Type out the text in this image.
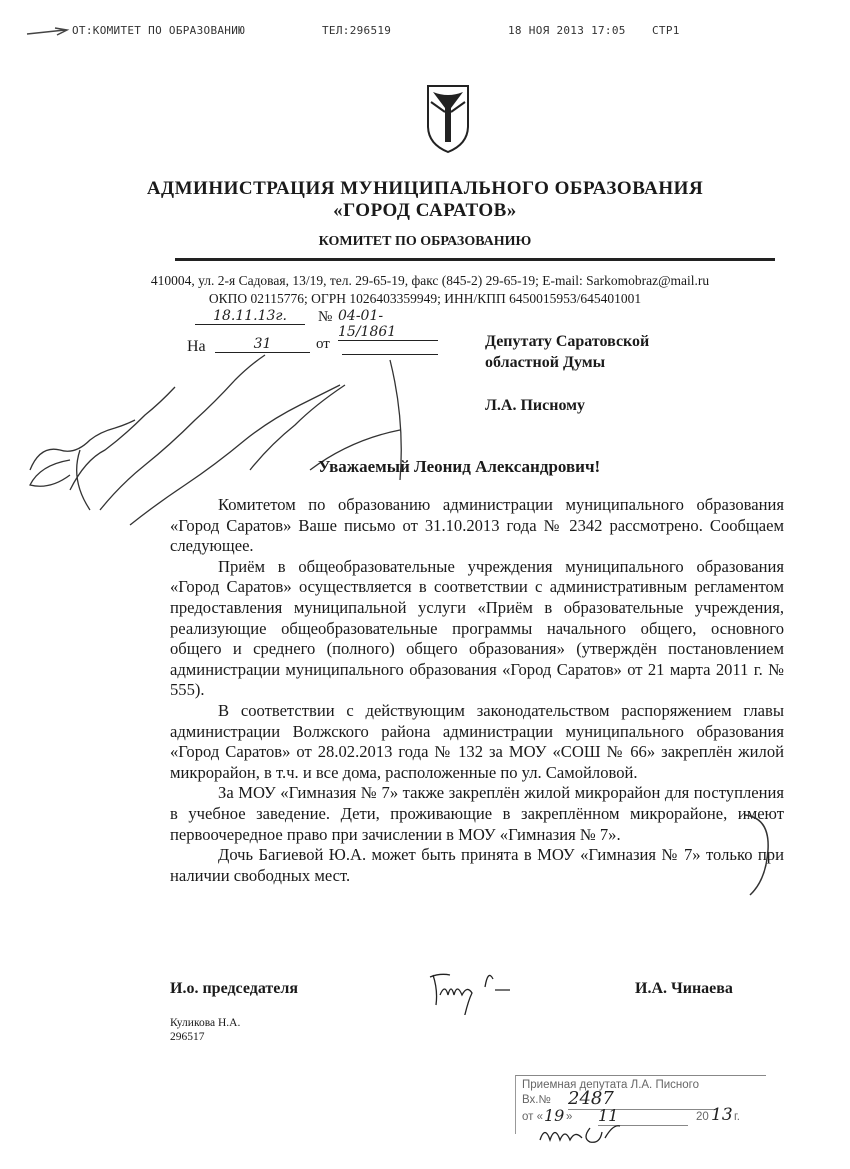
ОТ:КОМИТЕТ ПО ОБРАЗОВАНИЮ	ТЕЛ:296519	18 НОЯ 2013 17:05 СТР1
АДМИНИСТРАЦИЯ МУНИЦИПАЛЬНОГО ОБРАЗОВАНИЯ
«ГОРОД САРАТОВ»
КОМИТЕТ ПО ОБРАЗОВАНИЮ
410004, ул. 2-я Садовая, 13/19, тел. 29-65-19, факс (845-2) 29-65-19; E-mail: Sarkomobraz@mail.ru
ОКПО 02115776; ОГРН 1026403359949; ИНН/КПП 6450015953/645401001
18.11.13г.	№ 04-01-15/1861
На	31	от	Депутату Саратовской
областной Думы
Л.А. Писному
Уважаемый Леонид Александрович!

Комитетом по образованию администрации муниципального образования «Город Саратов» Ваше письмо от 31.10.2013 года № 2342 рассмотрено. Сообщаем следующее.

Приём в общеобразовательные учреждения муниципального образования «Город Саратов» осуществляется в соответствии с административным регламентом предоставления муниципальной услуги «Приём в образовательные учреждения, реализующие общеобразовательные программы начального общего, основного общего и среднего (полного) общего образования» (утверждён постановлением администрации муниципального образования «Город Саратов» от 21 марта 2011 г. № 555).

В соответствии с действующим законодательством распоряжением главы администрации Волжского района администрации муниципального образования «Город Саратов» от 28.02.2013 года № 132 за МОУ «СОШ № 66» закреплён жилой микрорайон, в т.ч. и все дома, расположенные по ул. Самойловой.

За МОУ «Гимназия № 7» также закреплён жилой микрорайон для поступления в учебное заведение. Дети, проживающие в закреплённом микрорайоне, имеют первоочередное право при зачислении в МОУ «Гимназия № 7».

Дочь Багиевой Ю.А. может быть принята в МОУ «Гимназия № 7» только при наличии свободных мест.

И.о. председателя	И.А. Чинаева
Куликова Н.А.
296517
Приемная депутата Л.А. Писного
Вх.№ 2487
от « 19 » 11	20 13 г.
